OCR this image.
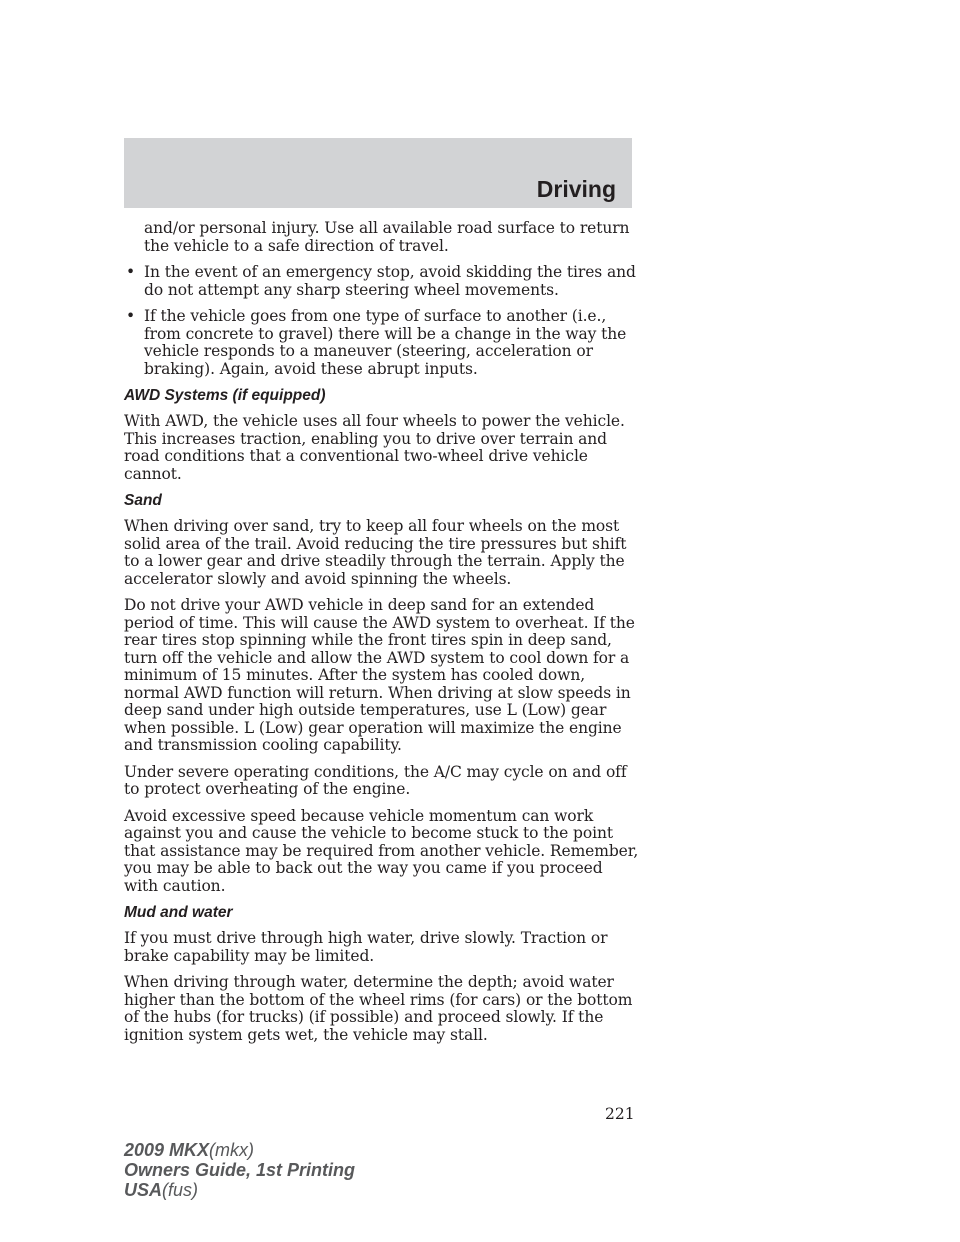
Driving

and/or personal injury. Use all available road surface to return the vehicle to a safe direction of travel.

• In the event of an emergency stop, avoid skidding the tires and do not attempt any sharp steering wheel movements.
• If the vehicle goes from one type of surface to another (i.e., from concrete to gravel) there will be a change in the way the vehicle responds to a maneuver (steering, acceleration or braking). Again, avoid these abrupt inputs.
AWD Systems (if equipped)

With AWD, the vehicle uses all four wheels to power the vehicle. This increases traction, enabling you to drive over terrain and road conditions that a conventional two-wheel drive vehicle cannot.

Sand

When driving over sand, try to keep all four wheels on the most solid area of the trail. Avoid reducing the tire pressures but shift to a lower gear and drive steadily through the terrain. Apply the accelerator slowly and avoid spinning the wheels.

Do not drive your AWD vehicle in deep sand for an extended period of time. This will cause the AWD system to overheat. If the rear tires stop spinning while the front tires spin in deep sand, turn off the vehicle and allow the AWD system to cool down for a minimum of 15 minutes. After the system has cooled down, normal AWD function will return. When driving at slow speeds in deep sand under high outside temperatures, use L (Low) gear when possible. L (Low) gear operation will maximize the engine and transmission cooling capability.

Under severe operating conditions, the A/C may cycle on and off to protect overheating of the engine.

Avoid excessive speed because vehicle momentum can work against you and cause the vehicle to become stuck to the point that assistance may be required from another vehicle. Remember, you may be able to back out the way you came if you proceed with caution.

Mud and water

If you must drive through high water, drive slowly. Traction or brake capability may be limited.

When driving through water, determine the depth; avoid water higher than the bottom of the wheel rims (for cars) or the bottom of the hubs (for trucks) (if possible) and proceed slowly. If the ignition system gets wet, the vehicle may stall.

221
2009 MKX(mkx)
Owners Guide, 1st Printing
USA(fus)
